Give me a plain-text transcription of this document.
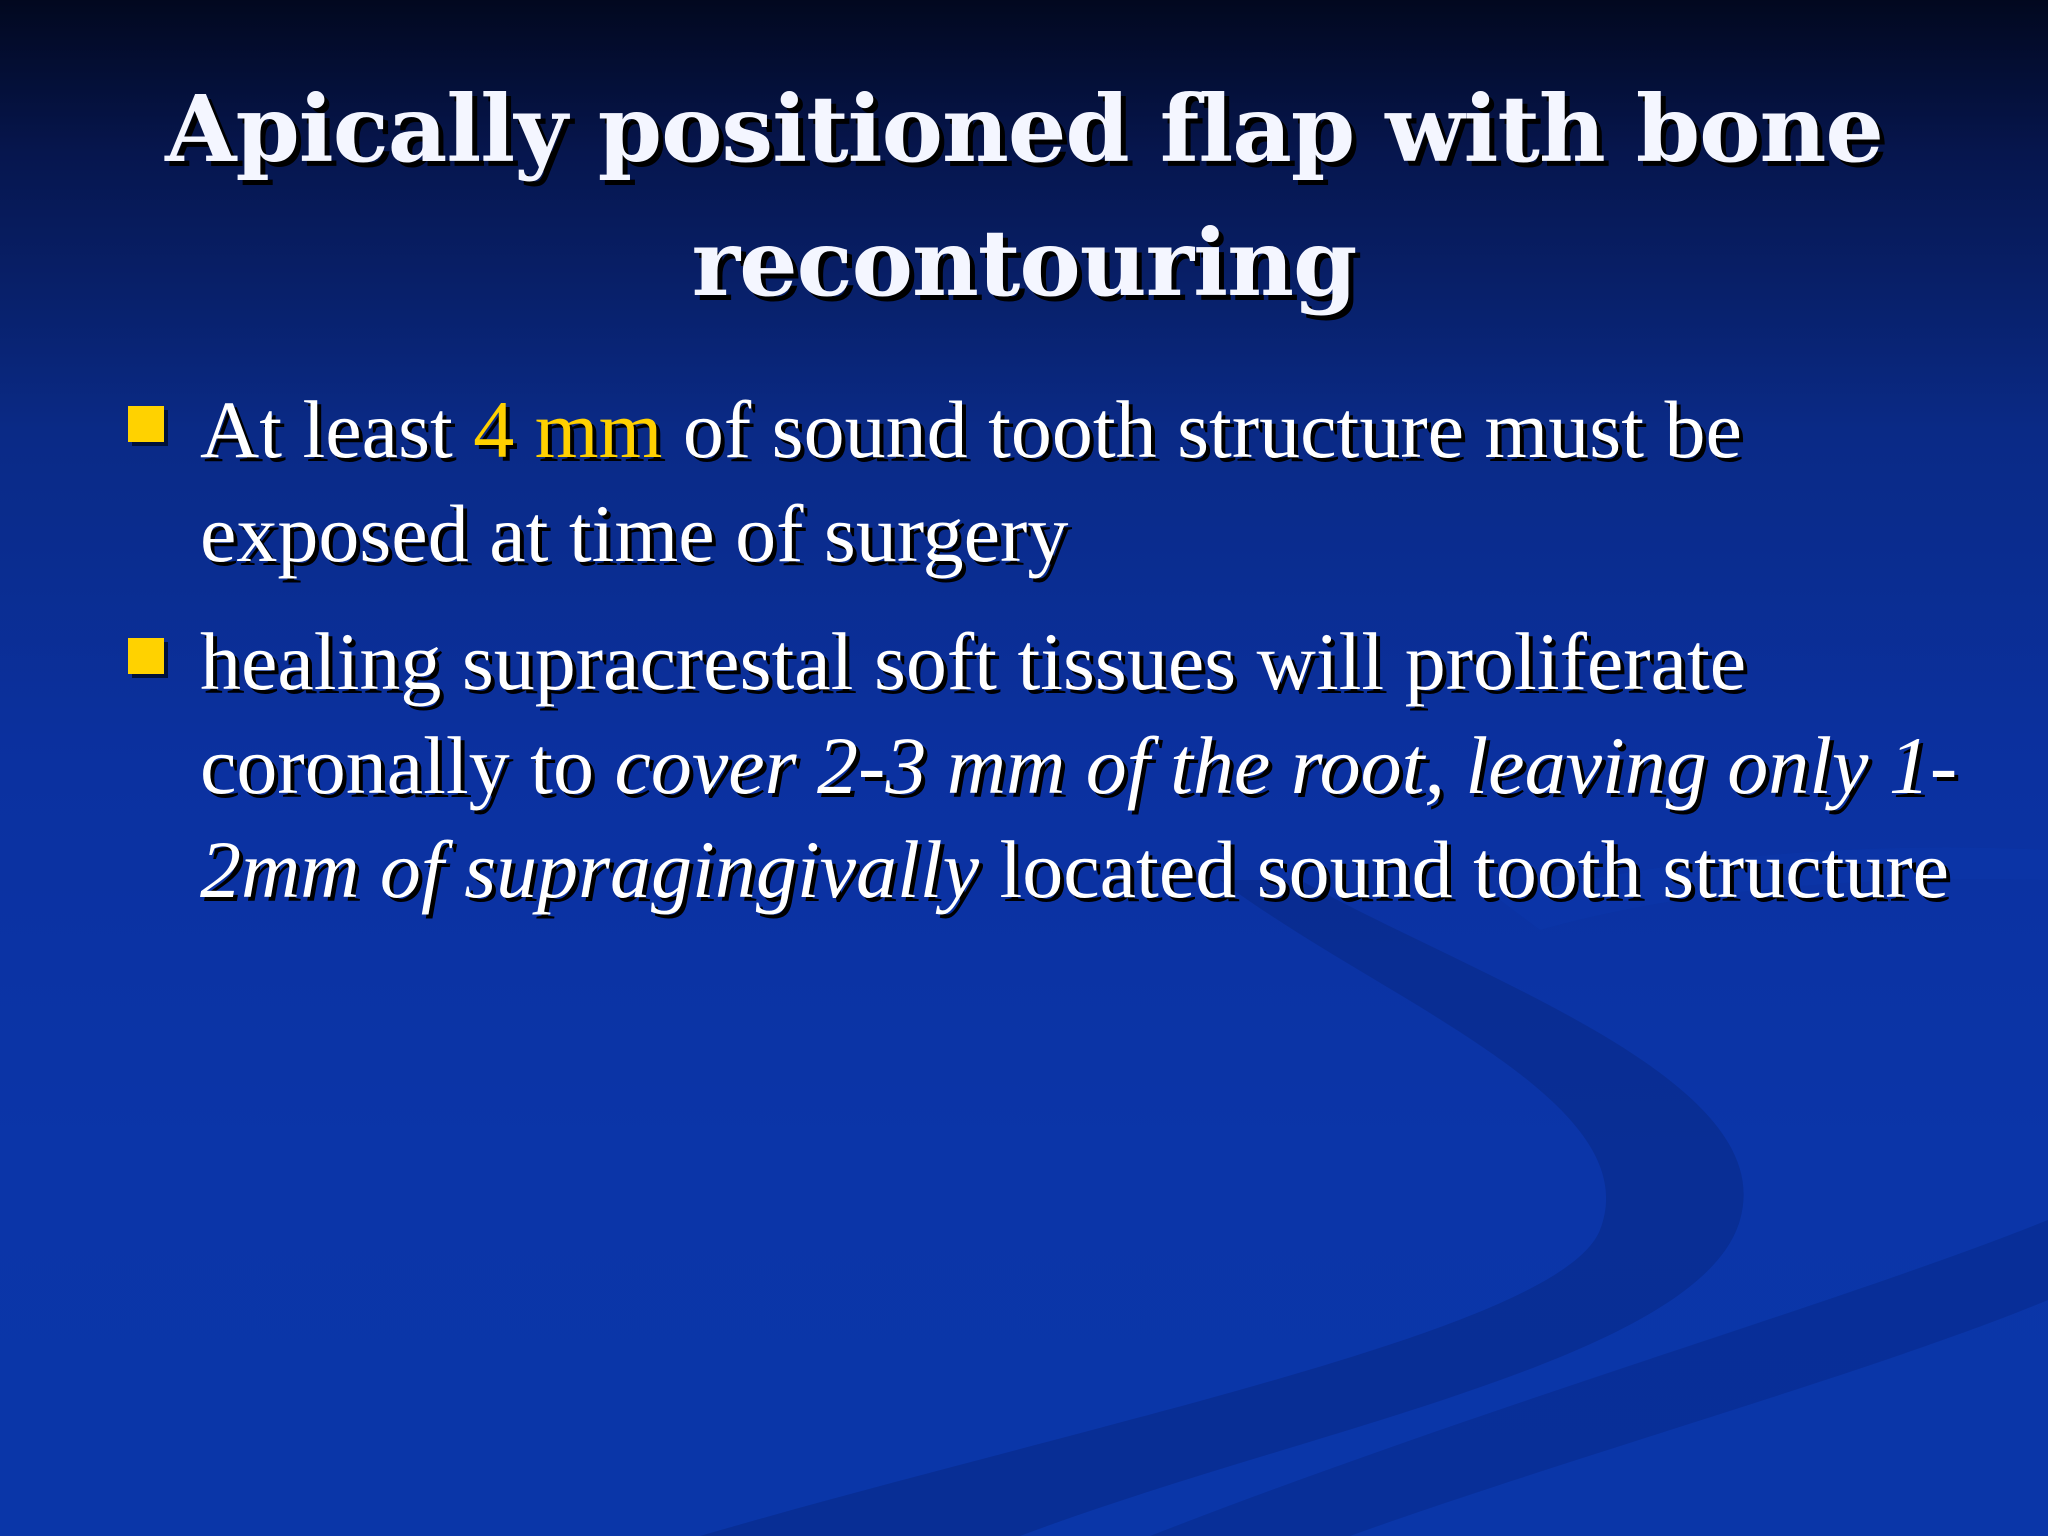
Apically positioned flap with bone recontouring
At least 4 mm of sound tooth structure must be exposed at time of surgery
healing supracrestal soft tissues will proliferate coronally to cover 2-3 mm of the root, leaving only 1-2mm of supragingivally located sound tooth structure
